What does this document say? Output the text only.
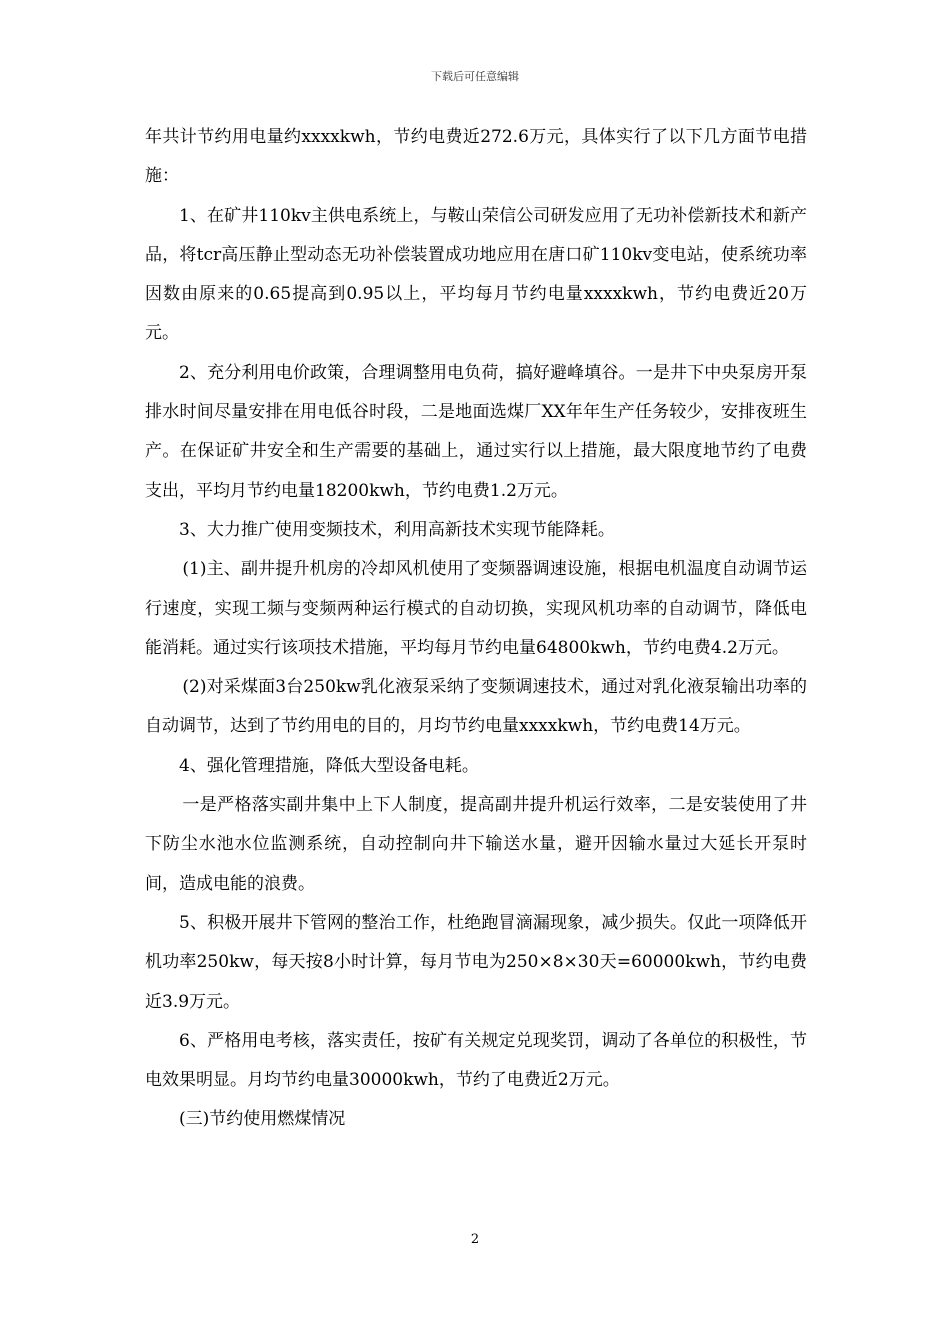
下载后可任意编辑

年共计节约用电量约xxxxkwh，节约电费近272.6万元，具体实行了以下几方面节电措施：

1、在矿井110kv主供电系统上，与鞍山荣信公司研发应用了无功补偿新技术和新产品，将tcr高压静止型动态无功补偿装置成功地应用在唐口矿110kv变电站，使系统功率因数由原来的0.65提高到0.95以上，平均每月节约电量xxxxkwh，节约电费近20万元。

2、充分利用电价政策，合理调整用电负荷，搞好避峰填谷。一是井下中央泵房开泵排水时间尽量安排在用电低谷时段，二是地面选煤厂XX年年生产任务较少，安排夜班生产。在保证矿井安全和生产需要的基础上，通过实行以上措施，最大限度地节约了电费支出，平均月节约电量18200kwh，节约电费1.2万元。

3、大力推广使用变频技术，利用高新技术实现节能降耗。

(1)主、副井提升机房的冷却风机使用了变频器调速设施，根据电机温度自动调节运行速度，实现工频与变频两种运行模式的自动切换，实现风机功率的自动调节，降低电能消耗。通过实行该项技术措施，平均每月节约电量64800kwh，节约电费4.2万元。

(2)对采煤面3台250kw乳化液泵采纳了变频调速技术，通过对乳化液泵输出功率的自动调节，达到了节约用电的目的，月均节约电量xxxxkwh，节约电费14万元。

4、强化管理措施，降低大型设备电耗。

一是严格落实副井集中上下人制度，提高副井提升机运行效率，二是安装使用了井下防尘水池水位监测系统，自动控制向井下输送水量，避开因输水量过大延长开泵时间，造成电能的浪费。

5、积极开展井下管网的整治工作，杜绝跑冒滴漏现象，减少损失。仅此一项降低开机功率250kw，每天按8小时计算，每月节电为250×8×30天=60000kwh，节约电费近3.9万元。

6、严格用电考核，落实责任，按矿有关规定兑现奖罚，调动了各单位的积极性，节电效果明显。月均节约电量30000kwh，节约了电费近2万元。

(三)节约使用燃煤情况

2
